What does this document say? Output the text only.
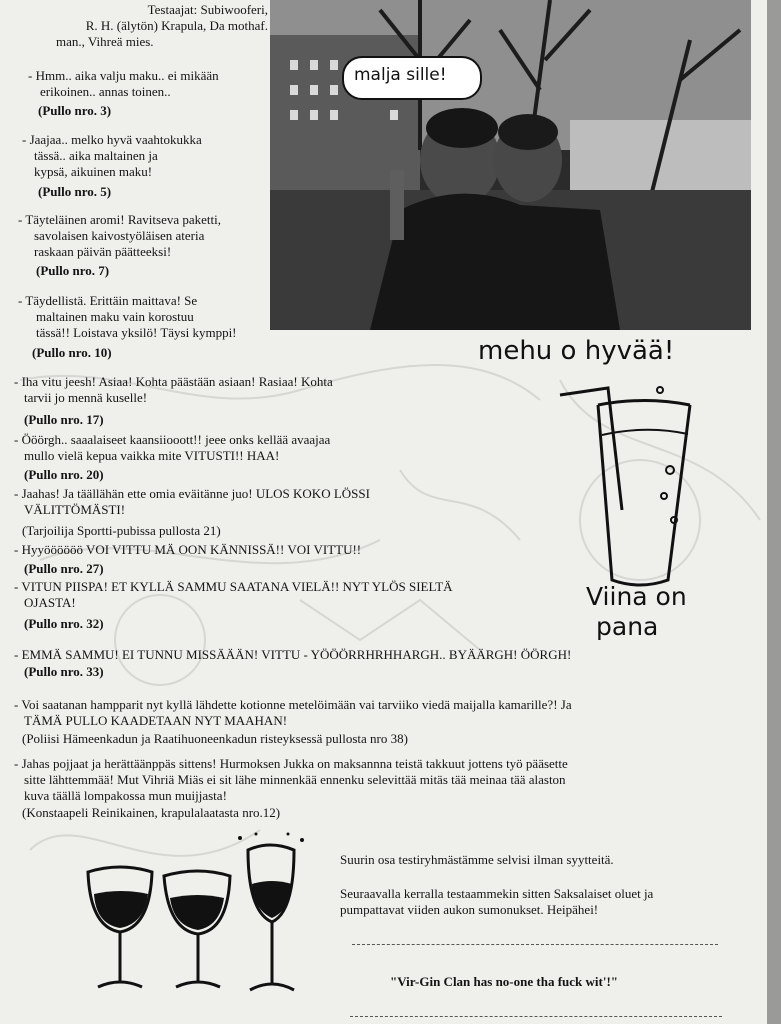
Testaajat: Subiwooferi,
R. H. (älytön) Krapula, Da mothaf.
man., Vihreä mies.
- Hmm.. aika valju maku.. ei mikään
erikoinen.. annas toinen..
(Pullo nro. 3)
- Jaajaa.. melko hyvä vaahtokukka
tässä.. aika maltainen ja
kypsä, aikuinen maku!
(Pullo nro. 5)
- Täyteläinen aromi! Ravitseva paketti,
savolaisen kaivostyöläisen ateria
raskaan päivän päätteeksi!
(Pullo nro. 7)
- Täydellistä. Erittäin maittava! Se
maltainen maku vain korostuu
tässä!! Loistava yksilö! Täysi kymppi!
(Pullo nro. 10)
- Iha vitu jeesh! Asiaa! Kohta päästään asiaan! Rasiaa! Kohta
tarvii jo mennä kuselle!
(Pullo nro. 17)
- Ööörgh.. saaalaiseet kaansiiooott!! jeee onks kellää avaajaa
mullo vielä kepua vaikka mite VITUSTI!! HAA!
(Pullo nro. 20)
- Jaahas! Ja täällähän ette omia eväitänne juo! ULOS KOKO LÖSSI
VÄLITTÖMÄSTI!
(Tarjoilija Sportti-pubissa pullosta 21)
- Hyyöööööö VOI VITTU MÄ OON KÄNNISSÄ!! VOI VITTU!!
(Pullo nro. 27)
- VITUN PIISPA! ET KYLLÄ SAMMU SAATANA VIELÄ!! NYT YLÖS SIELTÄ
OJASTA!
(Pullo nro. 32)
- EMMÄ SAMMU! EI TUNNU MISSÄÄÄN! VITTU - YÖÖÖRRHRHHARGH.. BYÄÄRGH! ÖÖRGH!
(Pullo nro. 33)
- Voi saatanan hampparit nyt kyllä lähdette kotionne metelöimään vai tarviiko viedä maijalla kamarille?! Ja
TÄMÄ PULLO KAADETAAN NYT MAAHAN!
(Poliisi Hämeenkadun ja Raatihuoneenkadun risteyksessä pullosta nro 38)
- Jahas pojjaat ja herättäänppäs sittens! Hurmoksen Jukka on maksannna teistä takkuut jottens työ pääsette
sitte lähttemmää! Mut Vihriä Miäs ei sit lähe minnenkää ennenku selevittää mitäs tää meinaa tää alaston
kuva täällä lompakossa mun muijjasta!
(Konstaapeli Reinikainen, krapulalaatasta nro.12)
malja sille!
mehu o hyvää!
Viina on
pana
Suurin osa testiryhmästämme selvisi ilman syytteitä.
Seuraavalla kerralla testaammekin sitten Saksalaiset oluet ja
pumpattavat viiden aukon sumonukset. Heipähei!
"Vir-Gin Clan has no-one tha fuck wit'!"
